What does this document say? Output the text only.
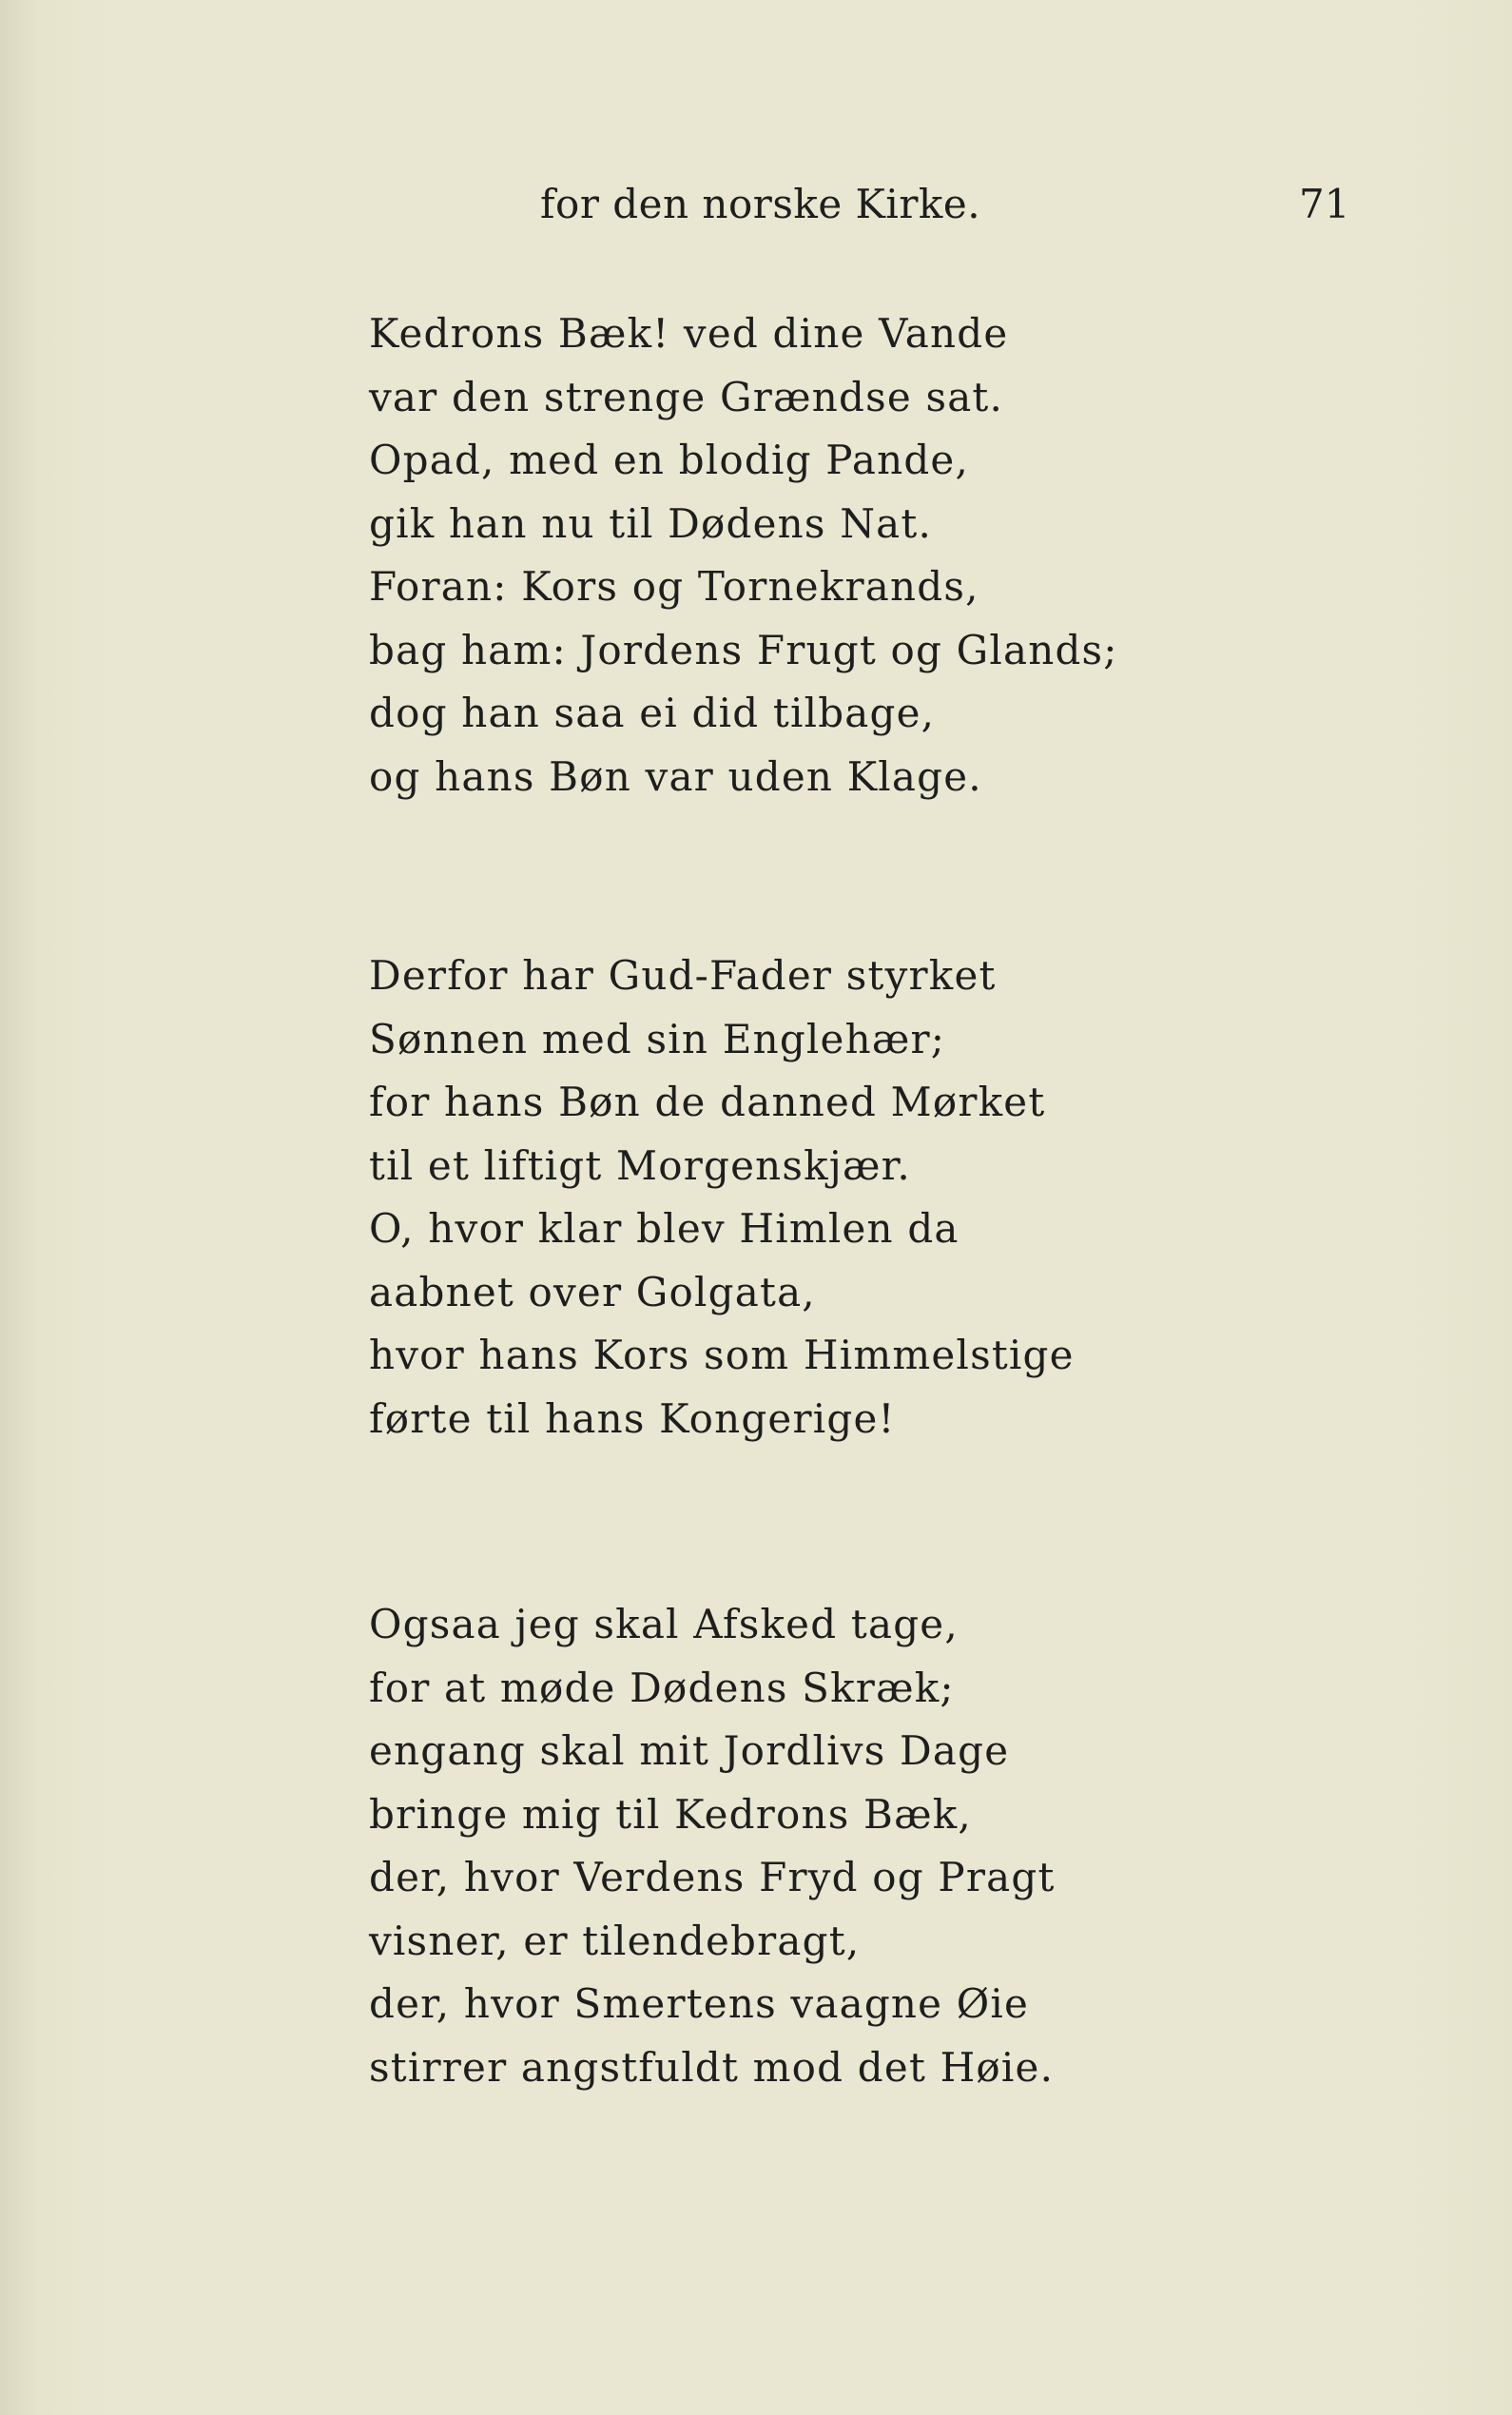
for den norske Kirke.	71
Kedrons Bæk! ved dine Vande
var den strenge Grændse sat.
Opad, med en blodig Pande,
gik han nu til Dødens Nat.
Foran: Kors og Tornekrands,
bag ham: Jordens Frugt og Glands;
dog han saa ei did tilbage,
og hans Bøn var uden Klage.
Derfor har Gud-Fader styrket
Sønnen med sin Englehær;
for hans Bøn de danned Mørket
til et liftigt Morgenskjær.
O, hvor klar blev Himlen da
aabnet over Golgata,
hvor hans Kors som Himmelstige
førte til hans Kongerige!
Ogsaa jeg skal Afsked tage,
for at møde Dødens Skræk;
engang skal mit Jordlivs Dage
bringe mig til Kedrons Bæk,
der, hvor Verdens Fryd og Pragt
visner, er tilendebragt,
der, hvor Smertens vaagne Øie
stirrer angstfuldt mod det Høie.
